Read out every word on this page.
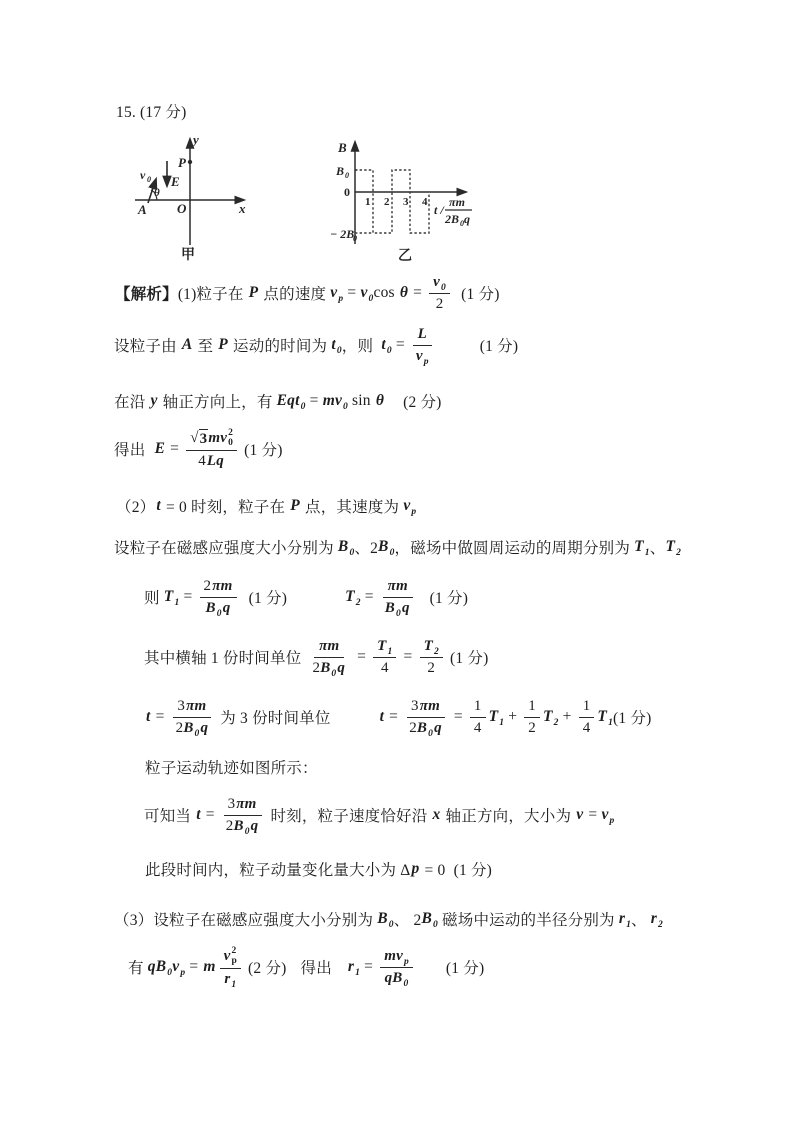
y
x
O
A
P
E
v 0
θ
甲
B
B 0
0
− 2B
0
1 2 3 4
t /
πm
2B 0 q
乙
15. (17 分)
【解析】 (1)粒子在 P 点的速度 $v_p = v_0$ $\cos \theta = \frac{v_0}{2} (1$ 分)
设粒子由 A 至 P 运动的时间为 $t_0$ ，则 $t_0 = \frac{L}{v_p}$	(1 分)
在沿 y 轴正方向上，有 $Eqt_0 = mv_0$ sin θ (2 分)
得出 E = √ 3 mv 2
0
4 Lq (1 分)
（2） t = 0 时刻，粒子在 P 点，其速度为 $v_p$
设粒子在磁感应强度大小分别为 $B_0$ 、2 $B_0$ ，磁场中做圆周运动的周期分别为 $T_1$ 、 $T_2$
则 $T_1 = \frac{2 \pi m}{B_0 q} (1$ 分)	$T_2 = \frac{\pi m}{B_0 q} (1$ 分)
其中横轴 1 份时间单位 $\frac{\pi m}{2 B_0 q} = \frac{T_1}{4} = \frac{T_2}{2} (1$ 分)
$t = \frac{3 \pi m}{2 B_0 q}$ 为 3 份时间单位	$t = \frac{3 \pi m}{2 B_0 q} = \frac{1}{4} T_1 + \frac{1}{2} T_2 + \frac{1}{4} T_1$ (1 分)
粒子运动轨迹如图所示：
可知当 $t = \frac{3 \pi m}{2 B_0 q}$ 时刻，粒子速度恰好沿 x 轴正方向，大小为 $v = v_p$
此段时间内，粒子动量变化量大小为 Δ p = 0  (1 分)
（3）设粒子在磁感应强度大小分别为 $B_0$ 、 2 $B_0$ 磁场中运动的半径分别为 $r_1$ 、 $r_2$
有 $qB_0$ $v_p = m$ v 2
p
$r_1$ (2 分) 得出 $r_1 = \frac{mv_p}{qB_0} (1$ 分)
